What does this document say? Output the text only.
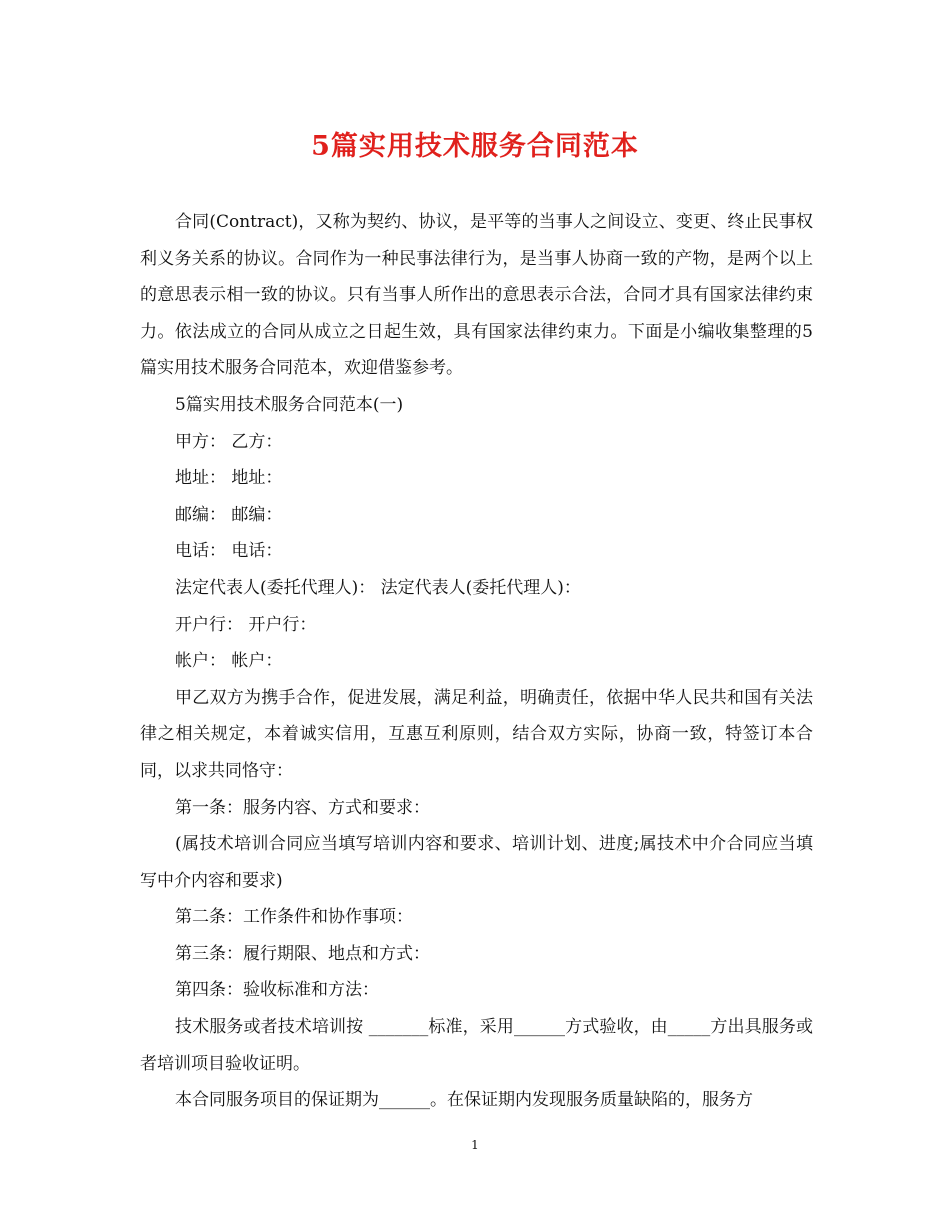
5篇实用技术服务合同范本

合同(Contract)，又称为契约、协议，是平等的当事人之间设立、变更、终止民事权利义务关系的协议。合同作为一种民事法律行为，是当事人协商一致的产物，是两个以上的意思表示相一致的协议。只有当事人所作出的意思表示合法，合同才具有国家法律约束力。依法成立的合同从成立之日起生效，具有国家法律约束力。下面是小编收集整理的5篇实用技术服务合同范本，欢迎借鉴参考。

5篇实用技术服务合同范本(一)

甲方： 乙方：

地址： 地址：

邮编： 邮编：

电话： 电话：

法定代表人(委托代理人)： 法定代表人(委托代理人)：

开户行： 开户行：

帐户： 帐户：

甲乙双方为携手合作，促进发展，满足利益，明确责任，依据中华人民共和国有关法律之相关规定，本着诚实信用，互惠互利原则，结合双方实际，协商一致，特签订本合同，以求共同恪守：

第一条：服务内容、方式和要求：

(属技术培训合同应当填写培训内容和要求、培训计划、进度;属技术中介合同应当填写中介内容和要求)

第二条：工作条件和协作事项：

第三条：履行期限、地点和方式：

第四条：验收标准和方法：

技术服务或者技术培训按 _______标准，采用______方式验收，由_____方出具服务或者培训项目验收证明。

本合同服务项目的保证期为______。在保证期内发现服务质量缺陷的，服务方

1
